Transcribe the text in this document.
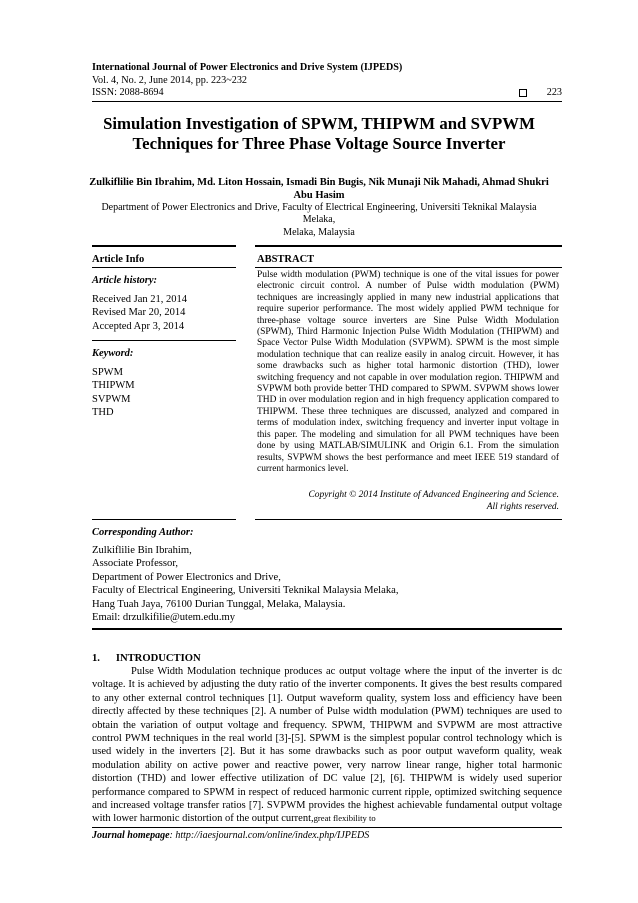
International Journal of Power Electronics and Drive System (IJPEDS)
Vol. 4, No. 2, June 2014, pp. 223~232
ISSN: 2088-8694	223
Simulation Investigation of SPWM, THIPWM and SVPWM
Techniques for Three Phase Voltage Source Inverter
Zulkiflilie Bin Ibrahim, Md. Liton Hossain, Ismadi Bin Bugis, Nik Munaji Nik Mahadi, Ahmad Shukri
Abu Hasim
Department of Power Electronics and Drive, Faculty of Electrical Engineering, Universiti Teknikal Malaysia Melaka,
Melaka, Malaysia
Article Info	ABSTRACT
Article history:
Received Jan 21, 2014
Revised Mar 20, 2014
Accepted Apr 3, 2014
Keyword:
SPWM
THIPWM
SVPWM
THD
Pulse width modulation (PWM) technique is one of the vital issues for power electronic circuit control. A number of Pulse width modulation (PWM) techniques are increasingly applied in many new industrial applications that require superior performance. The most widely applied PWM technique for three-phase voltage source inverters are Sine Pulse Width Modulation (SPWM), Third Harmonic Injection Pulse Width Modulation (THIPWM) and Space Vector Pulse Width Modulation (SVPWM). SPWM is the most simple modulation technique that can realize easily in analog circuit. However, it has some drawbacks such as higher total harmonic distortion (THD), lower switching frequency and not capable in over modulation region. THIPWM and SVPWM both provide better THD compared to SPWM. SVPWM shows lower THD in over modulation region and in high frequency application compared to THIPWM. These three techniques are discussed, analyzed and compared in terms of modulation index, switching frequency and inverter input voltage in this paper. The modeling and simulation for all PWM techniques have been done by using MATLAB/SIMULINK and Origin 6.1. From the simulation results, SVPWM shows the best performance and meet IEEE 519 standard of current harmonics level.
Copyright © 2014 Institute of Advanced Engineering and Science.
All rights reserved.
Corresponding Author:
Zulkiflilie Bin Ibrahim,
Associate Professor,
Department of Power Electronics and Drive,
Faculty of Electrical Engineering, Universiti Teknikal Malaysia Melaka,
Hang Tuah Jaya, 76100 Durian Tunggal, Melaka, Malaysia.
Email: drzulkifilie@utem.edu.my
1.      INTRODUCTION

Pulse Width Modulation technique produces ac output voltage where the input of the inverter is dc voltage. It is achieved by adjusting the duty ratio of the inverter components. It gives the best results compared to any other external control techniques [1]. Output waveform quality, system loss and efficiency have been directly affected by these techniques [2]. A number of Pulse width modulation (PWM) techniques are used to obtain the variation of output voltage and frequency. SPWM, THIPWM and SVPWM are most attractive control PWM techniques in the real world [3]-[5]. SPWM is the simplest popular control technology which is used widely in the inverters [2]. But it has some drawbacks such as poor output waveform quality, weak modulation ability on active power and reactive power, very narrow linear range, higher total harmonic distortion (THD) and lower effective utilization of DC value [2], [6]. THIPWM is widely used superior performance compared to SPWM in respect of reduced harmonic current ripple, optimized switching sequence and increased voltage transfer ratios [7]. SVPWM provides the highest achievable fundamental output voltage with lower harmonic distortion of the output current,great flexibility to

Journal homepage: http://iaesjournal.com/online/index.php/IJPEDS
